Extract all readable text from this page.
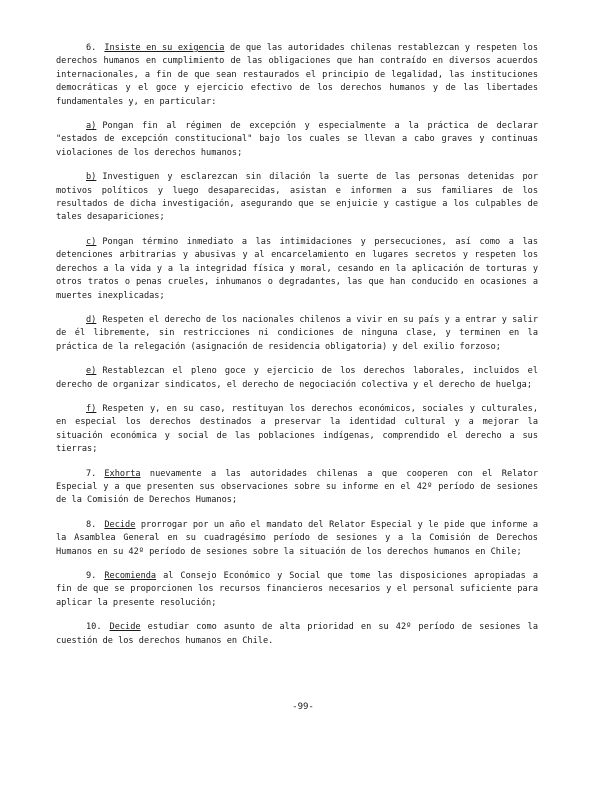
6. Insiste en su exigencia de que las autoridades chilenas restablezcan y respeten los derechos humanos en cumplimiento de las obligaciones que han contraído en diversos acuerdos internacionales, a fin de que sean restaurados el principio de legalidad, las instituciones democráticas y el goce y ejercicio efectivo de los derechos humanos y de las libertades fundamentales y, en particular:

a) Pongan fin al régimen de excepción y especialmente a la práctica de declarar "estados de excepción constitucional" bajo los cuales se llevan a cabo graves y continuas violaciones de los derechos humanos;

b) Investiguen y esclarezcan sin dilación la suerte de las personas detenidas por motivos políticos y luego desaparecidas, asistan e informen a sus familiares de los resultados de dicha investigación, asegurando que se enjuicie y castigue a los culpables de tales desapariciones;

c) Pongan término inmediato a las intimidaciones y persecuciones, así como a las detenciones arbitrarias y abusivas y al encarcelamiento en lugares secretos y respeten los derechos a la vida y a la integridad física y moral, cesando en la aplicación de torturas y otros tratos o penas crueles, inhumanos o degradantes, las que han conducido en ocasiones a muertes inexplicadas;

d) Respeten el derecho de los nacionales chilenos a vivir en su país y a entrar y salir de él libremente, sin restricciones ni condiciones de ninguna clase, y terminen en la práctica de la relegación (asignación de residencia obligatoria) y del exilio forzoso;

e) Restablezcan el pleno goce y ejercicio de los derechos laborales, incluidos el derecho de organizar sindicatos, el derecho de negociación colectiva y el derecho de huelga;

f) Respeten y, en su caso, restituyan los derechos económicos, sociales y culturales, en especial los derechos destinados a preservar la identidad cultural y a mejorar la situación económica y social de las poblaciones indígenas, comprendido el derecho a sus tierras;

7. Exhorta nuevamente a las autoridades chilenas a que cooperen con el Relator Especial y a que presenten sus observaciones sobre su informe en el 42º período de sesiones de la Comisión de Derechos Humanos;

8. Decide prorrogar por un año el mandato del Relator Especial y le pide que informe a la Asamblea General en su cuadragésimo período de sesiones y a la Comisión de Derechos Humanos en su 42º período de sesiones sobre la situación de los derechos humanos en Chile;

9. Recomienda al Consejo Económico y Social que tome las disposiciones apropiadas a fin de que se proporcionen los recursos financieros necesarios y el personal suficiente para aplicar la presente resolución;

10. Decide estudiar como asunto de alta prioridad en su 42º período de sesiones la cuestión de los derechos humanos en Chile.

-99-
